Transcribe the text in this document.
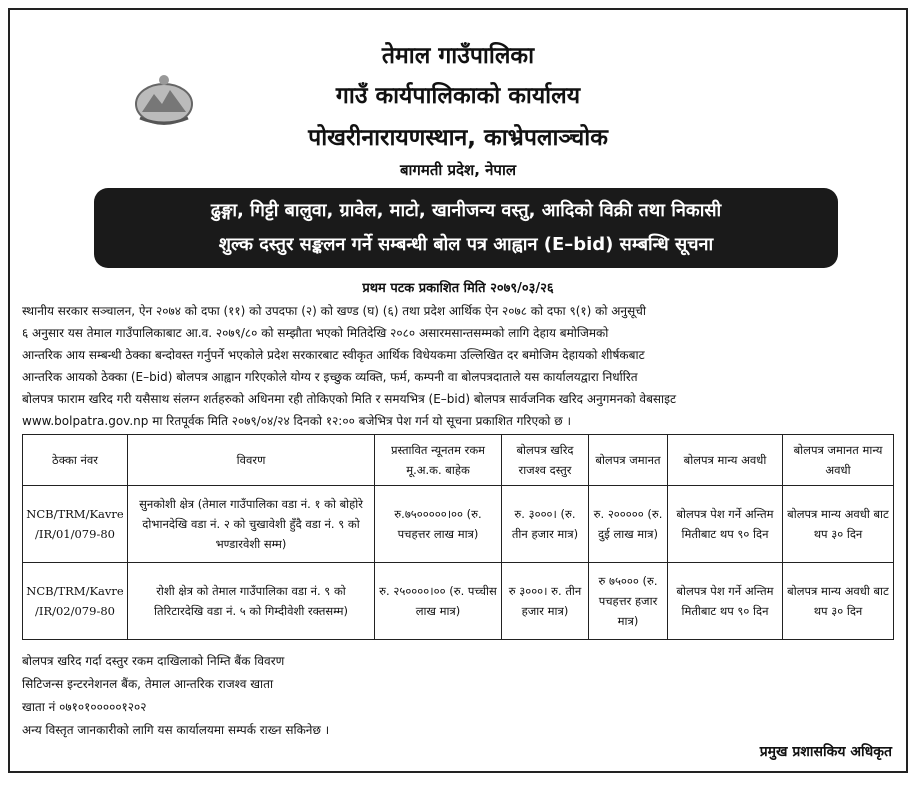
तेमाल गाउँपालिका
गाउँ कार्यपालिकाको कार्यालय
पोखरीनारायणस्थान, काभ्रेपलाञ्चोक
बागमती प्रदेश, नेपाल
ढुङ्गा, गिट्टी बालुवा, ग्रावेल, माटो, खानीजन्य वस्तु, आदिको विक्री तथा निकासी
शुल्क दस्तुर सङ्कलन गर्ने सम्बन्धी बोल पत्र आह्वान (E–bid) सम्बन्धि सूचना
प्रथम पटक प्रकाशित मिति २०७९/०३/२६

स्थानीय सरकार सञ्चालन, ऐन २०७४ को दफा (११) को उपदफा (२) को खण्ड (घ) (६) तथा प्रदेश आर्थिक ऐन २०७८ को दफा ९(१) को अनुसूची

६ अनुसार यस तेमाल गाउँपालिकाबाट आ.व. २०७९/८० को सम्झौता भएको मितिदेखि २०८० असारमसान्तसम्मको लागि देहाय बमोजिमको

आन्तरिक आय सम्बन्धी ठेक्का बन्दोवस्त गर्नुपर्ने भएकोले प्रदेश सरकारबाट स्वीकृत आर्थिक विधेयकमा उल्लिखित दर बमोजिम देहायको शीर्षकबाट

आन्तरिक आयको ठेक्का (E–bid) बोलपत्र आह्वान गरिएकोले योग्य र इच्छुक व्यक्ति, फर्म, कम्पनी वा बोलपत्रदाताले यस कार्यालयद्वारा निर्धारित

बोलपत्र फाराम खरिद गरी यसैसाथ संलग्न शर्तहरुको अधिनमा रही तोकिएको मिति र समयभित्र (E–bid) बोलपत्र सार्वजनिक खरिद अनुगमनको वेबसाइट

www.bolpatra.gov.np मा रितपूर्वक मिति २०७९/०४/२४ दिनको १२:०० बजेभित्र पेश गर्न यो सूचना प्रकाशित गरिएको छ ।

ठेक्का नंवर	विवरण	प्रस्तावित न्यूनतम रकम मू.अ.क. बाहेक	बोलपत्र खरिद राजश्व दस्तुर	बोलपत्र जमानत	बोलपत्र मान्य अवधी	बोलपत्र जमानत मान्य अवधी
NCB/TRM/Kavre /IR/01/079-80	सुनकोशी क्षेत्र (तेमाल गाउँपालिका वडा नं. १ को बोहोरे दोभानदेखि वडा नं. २ को चुखावेशी हुँदै वडा नं. ९ को भण्डारवेशी सम्म)	रु.७५०००००।०० (रु. पचहत्तर लाख मात्र)	रु. ३०००। (रु. तीन हजार मात्र)	रु. २००००० (रु. दुई लाख मात्र)	बोलपत्र पेश गर्ने अन्तिम मितीबाट थप ९० दिन	बोलपत्र मान्य अवधी बाट थप ३० दिन
NCB/TRM/Kavre /IR/02/079-80	रोशी क्षेत्र को तेमाल गाउँपालिका वडा नं. ९ को तिरिटारदेखि वडा नं. ५ को गिम्दीवेशी रक्तसम्म)	रु. २५००००।०० (रु. पच्चीस लाख मात्र)	रु ३०००। रु. तीन हजार मात्र)	रु ७५००० (रु. पचहत्तर हजार मात्र)	बोलपत्र पेश गर्ने अन्तिम मितीबाट थप ९० दिन	बोलपत्र मान्य अवधी बाट थप ३० दिन
बोलपत्र खरिद गर्दा दस्तुर रकम दाखिलाको निम्ति बैंक विवरण
सिटिजन्स इन्टरनेशनल बैंक, तेमाल आन्तरिक राजश्व खाता
खाता नं ०७१०१०००००१२०२
अन्य विस्तृत जानकारीको लागि यस कार्यालयमा सम्पर्क राख्न सकिनेछ ।
प्रमुख प्रशासकिय अधिकृत
